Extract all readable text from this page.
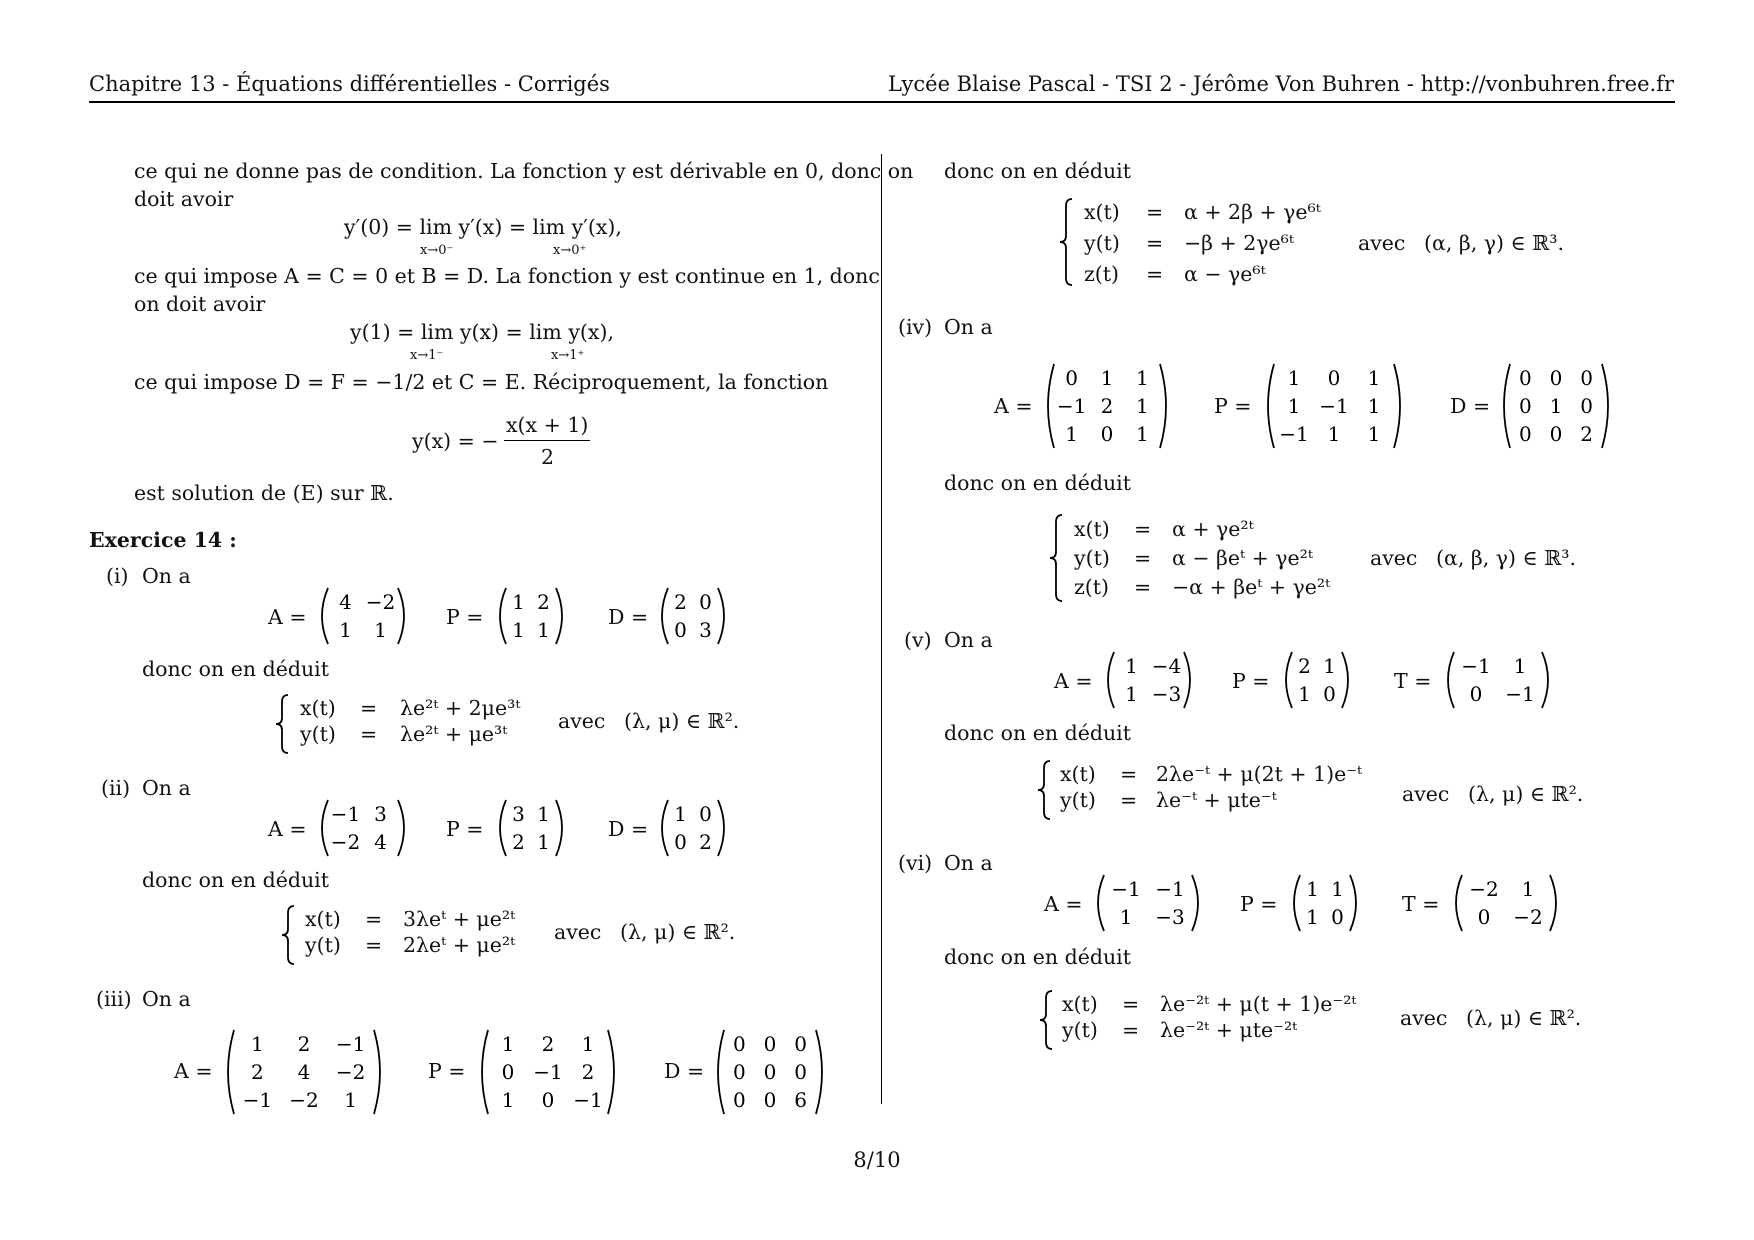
Chapitre 13 - Équations différentielles - Corrigés	Lycée Blaise Pascal - TSI 2 - Jérôme Von Buhren - http://vonbuhren.free.fr
ce qui ne donne pas de condition. La fonction y est dérivable en 0, donc on
doit avoir
y′(0) = lim y′(x) = lim y′(x),
x→0⁻	x→0⁺
ce qui impose A = C = 0 et B = D. La fonction y est continue en 1, donc
on doit avoir
y(1) = lim y(x) = lim y(x),
x→1⁻	x→1⁺
ce qui impose D = F = −1/2 et C = E. Réciproquement, la fonction
y(x) = −
x(x + 1)
2
est solution de (E) sur ℝ.
Exercice 14 :
(i) On a
A =
4 −2
1 1
P =
1 2
1 1
D =
2 0
0 3
donc on en déduit
x(t) = λe²ᵗ + 2μe³ᵗ
y(t) = λe²ᵗ + μe³ᵗ
avec (λ, μ) ∈ ℝ².
(ii) On a
A =
−1 3
−2 4
P =
3 1
2 1
D =
1 0
0 2
donc on en déduit
x(t) = 3λeᵗ + μe²ᵗ
y(t) = 2λeᵗ + μe²ᵗ
avec (λ, μ) ∈ ℝ².
(iii) On a
A =
1 2 −1
2 4 −2
−1 −2 1
P =
1 2 1
0 −1 2
1 0 −1
D =
0 0 0
0 0 0
0 0 6
donc on en déduit
x(t) = α + 2β + γe⁶ᵗ
y(t) = −β + 2γe⁶ᵗ
z(t) = α − γe⁶ᵗ
avec (α, β, γ) ∈ ℝ³.
(iv) On a
A =
0 1 1
−1 2 1
1 0 1
P =
1 0 1
1 −1 1
−1 1 1
D =
0 0 0
0 1 0
0 0 2
donc on en déduit
x(t) = α + γe²ᵗ
y(t) = α − βeᵗ + γe²ᵗ
z(t) = −α + βeᵗ + γe²ᵗ
avec (α, β, γ) ∈ ℝ³.
(v) On a
A =
1 −4
1 −3
P =
2 1
1 0
T =
−1 1
0 −1
donc on en déduit
x(t) = 2λe⁻ᵗ + μ(2t + 1)e⁻ᵗ
y(t) = λe⁻ᵗ + μte⁻ᵗ	avec (λ, μ) ∈ ℝ².
(vi) On a
A =
−1 −1
1 −3
P =
1 1
1 0
T =
−2 1
0 −2
donc on en déduit
x(t) = λe⁻²ᵗ + μ(t + 1)e⁻²ᵗ
y(t) = λe⁻²ᵗ + μte⁻²ᵗ	avec (λ, μ) ∈ ℝ².
8/10
